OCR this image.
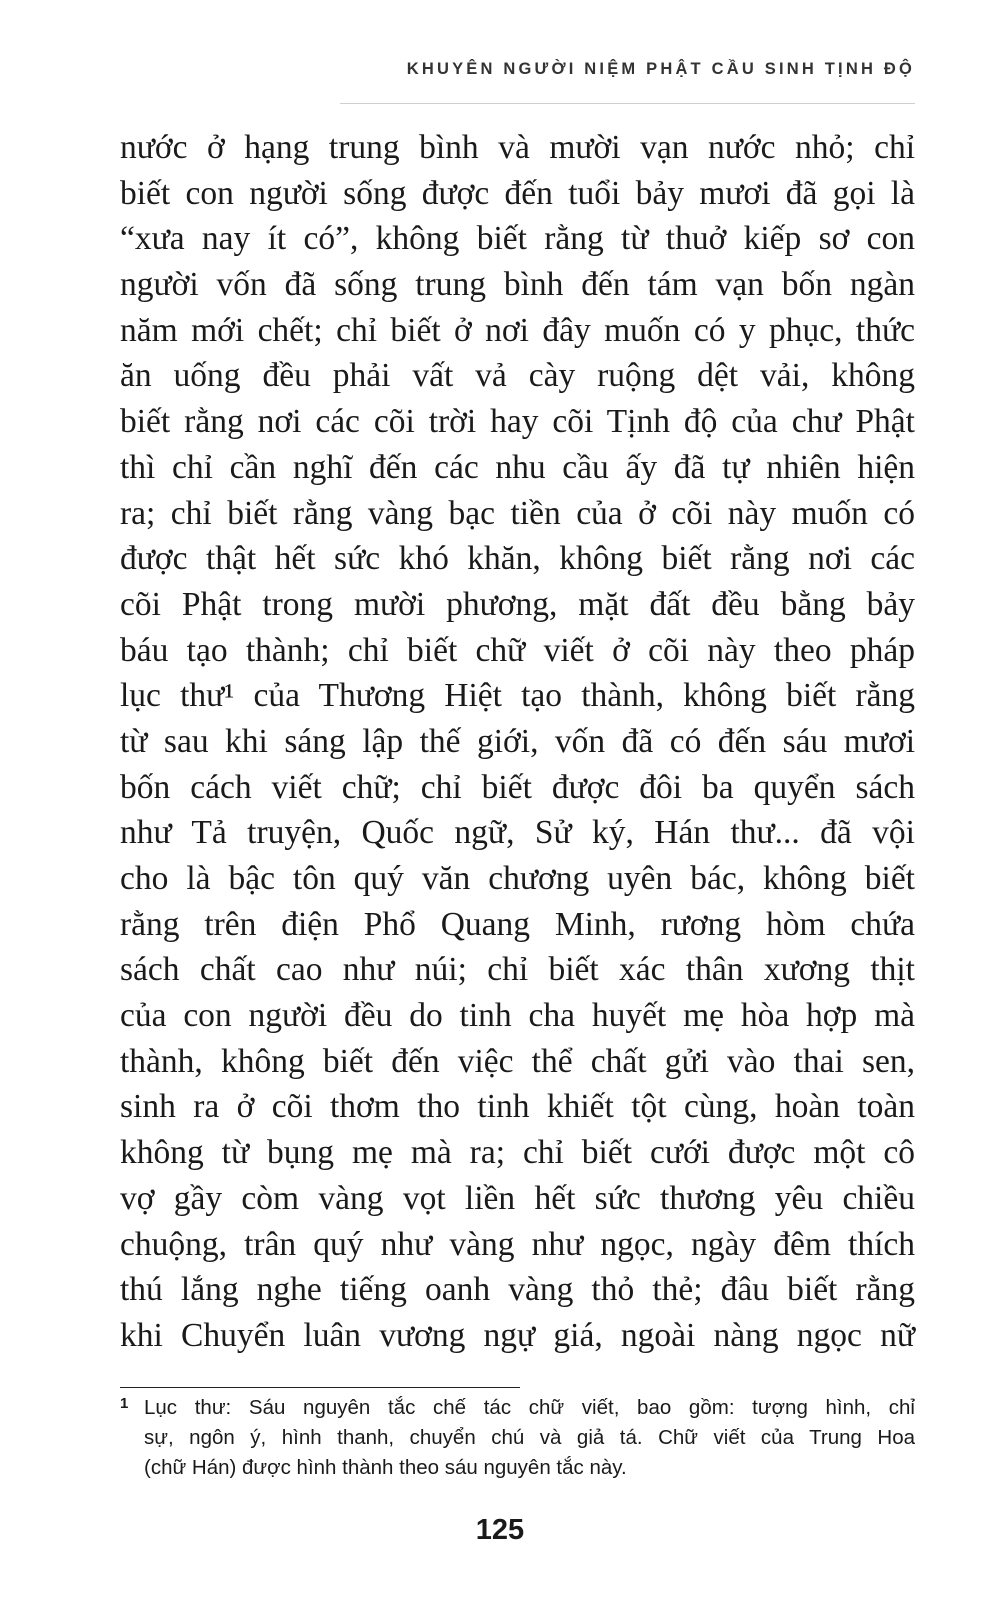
KHUYÊN NGƯỜI NIỆM PHẬT CẦU SINH TỊNH ĐỘ
nước ở hạng trung bình và mười vạn nước nhỏ; chỉ
biết con người sống được đến tuổi bảy mươi đã gọi là
“xưa nay ít có”, không biết rằng từ thuở kiếp sơ con
người vốn đã sống trung bình đến tám vạn bốn ngàn
năm mới chết; chỉ biết ở nơi đây muốn có y phục, thức
ăn uống đều phải vất vả cày ruộng dệt vải, không
biết rằng nơi các cõi trời hay cõi Tịnh độ của chư Phật
thì chỉ cần nghĩ đến các nhu cầu ấy đã tự nhiên hiện
ra; chỉ biết rằng vàng bạc tiền của ở cõi này muốn có
được thật hết sức khó khăn, không biết rằng nơi các
cõi Phật trong mười phương, mặt đất đều bằng bảy
báu tạo thành; chỉ biết chữ viết ở cõi này theo pháp
lục thư¹ của Thương Hiệt tạo thành, không biết rằng
từ sau khi sáng lập thế giới, vốn đã có đến sáu mươi
bốn cách viết chữ; chỉ biết được đôi ba quyển sách
như Tả truyện, Quốc ngữ, Sử ký, Hán thư... đã vội
cho là bậc tôn quý văn chương uyên bác, không biết
rằng trên điện Phổ Quang Minh, rương hòm chứa
sách chất cao như núi; chỉ biết xác thân xương thịt
của con người đều do tinh cha huyết mẹ hòa hợp mà
thành, không biết đến việc thể chất gửi vào thai sen,
sinh ra ở cõi thơm tho tinh khiết tột cùng, hoàn toàn
không từ bụng mẹ mà ra; chỉ biết cưới được một cô
vợ gầy còm vàng vọt liền hết sức thương yêu chiều
chuộng, trân quý như vàng như ngọc, ngày đêm thích
thú lắng nghe tiếng oanh vàng thỏ thẻ; đâu biết rằng
khi Chuyển luân vương ngự giá, ngoài nàng ngọc nữ
1 Lục thư: Sáu nguyên tắc chế tác chữ viết, bao gồm: tượng hình, chỉ
sự, ngôn ý, hình thanh, chuyển chú và giả tá. Chữ viết của Trung Hoa
(chữ Hán) được hình thành theo sáu nguyên tắc này.
125
